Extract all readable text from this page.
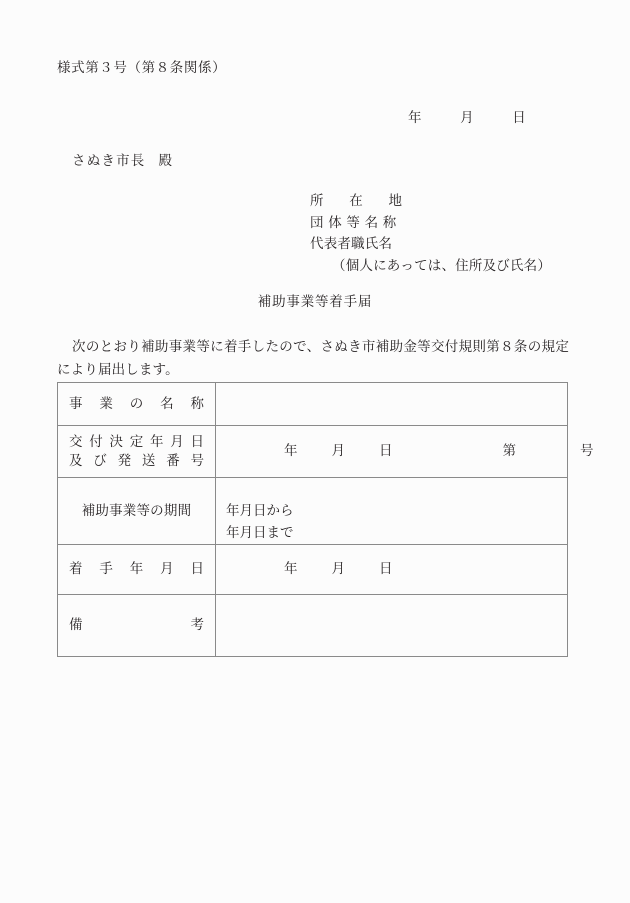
様式第３号（第８条関係）
年	月	日
さぬき市長 殿
所　在　地
団 体 等 名 称
代表者職氏名
（個人にあっては、住所及び氏名）
補助事業等着手届
次のとおり補助事業等に着手したので、さぬき市補助金等交付規則第８条の規定により届出します。
事　業　の　名　称	

交 付 決 定 年 月 日
及 び 発 送 番 号	年 月 日 第 号

補助事業等の期間	年月日から
年月日まで

着　手　年　月　日	年 月 日

備　　　　　　考	
